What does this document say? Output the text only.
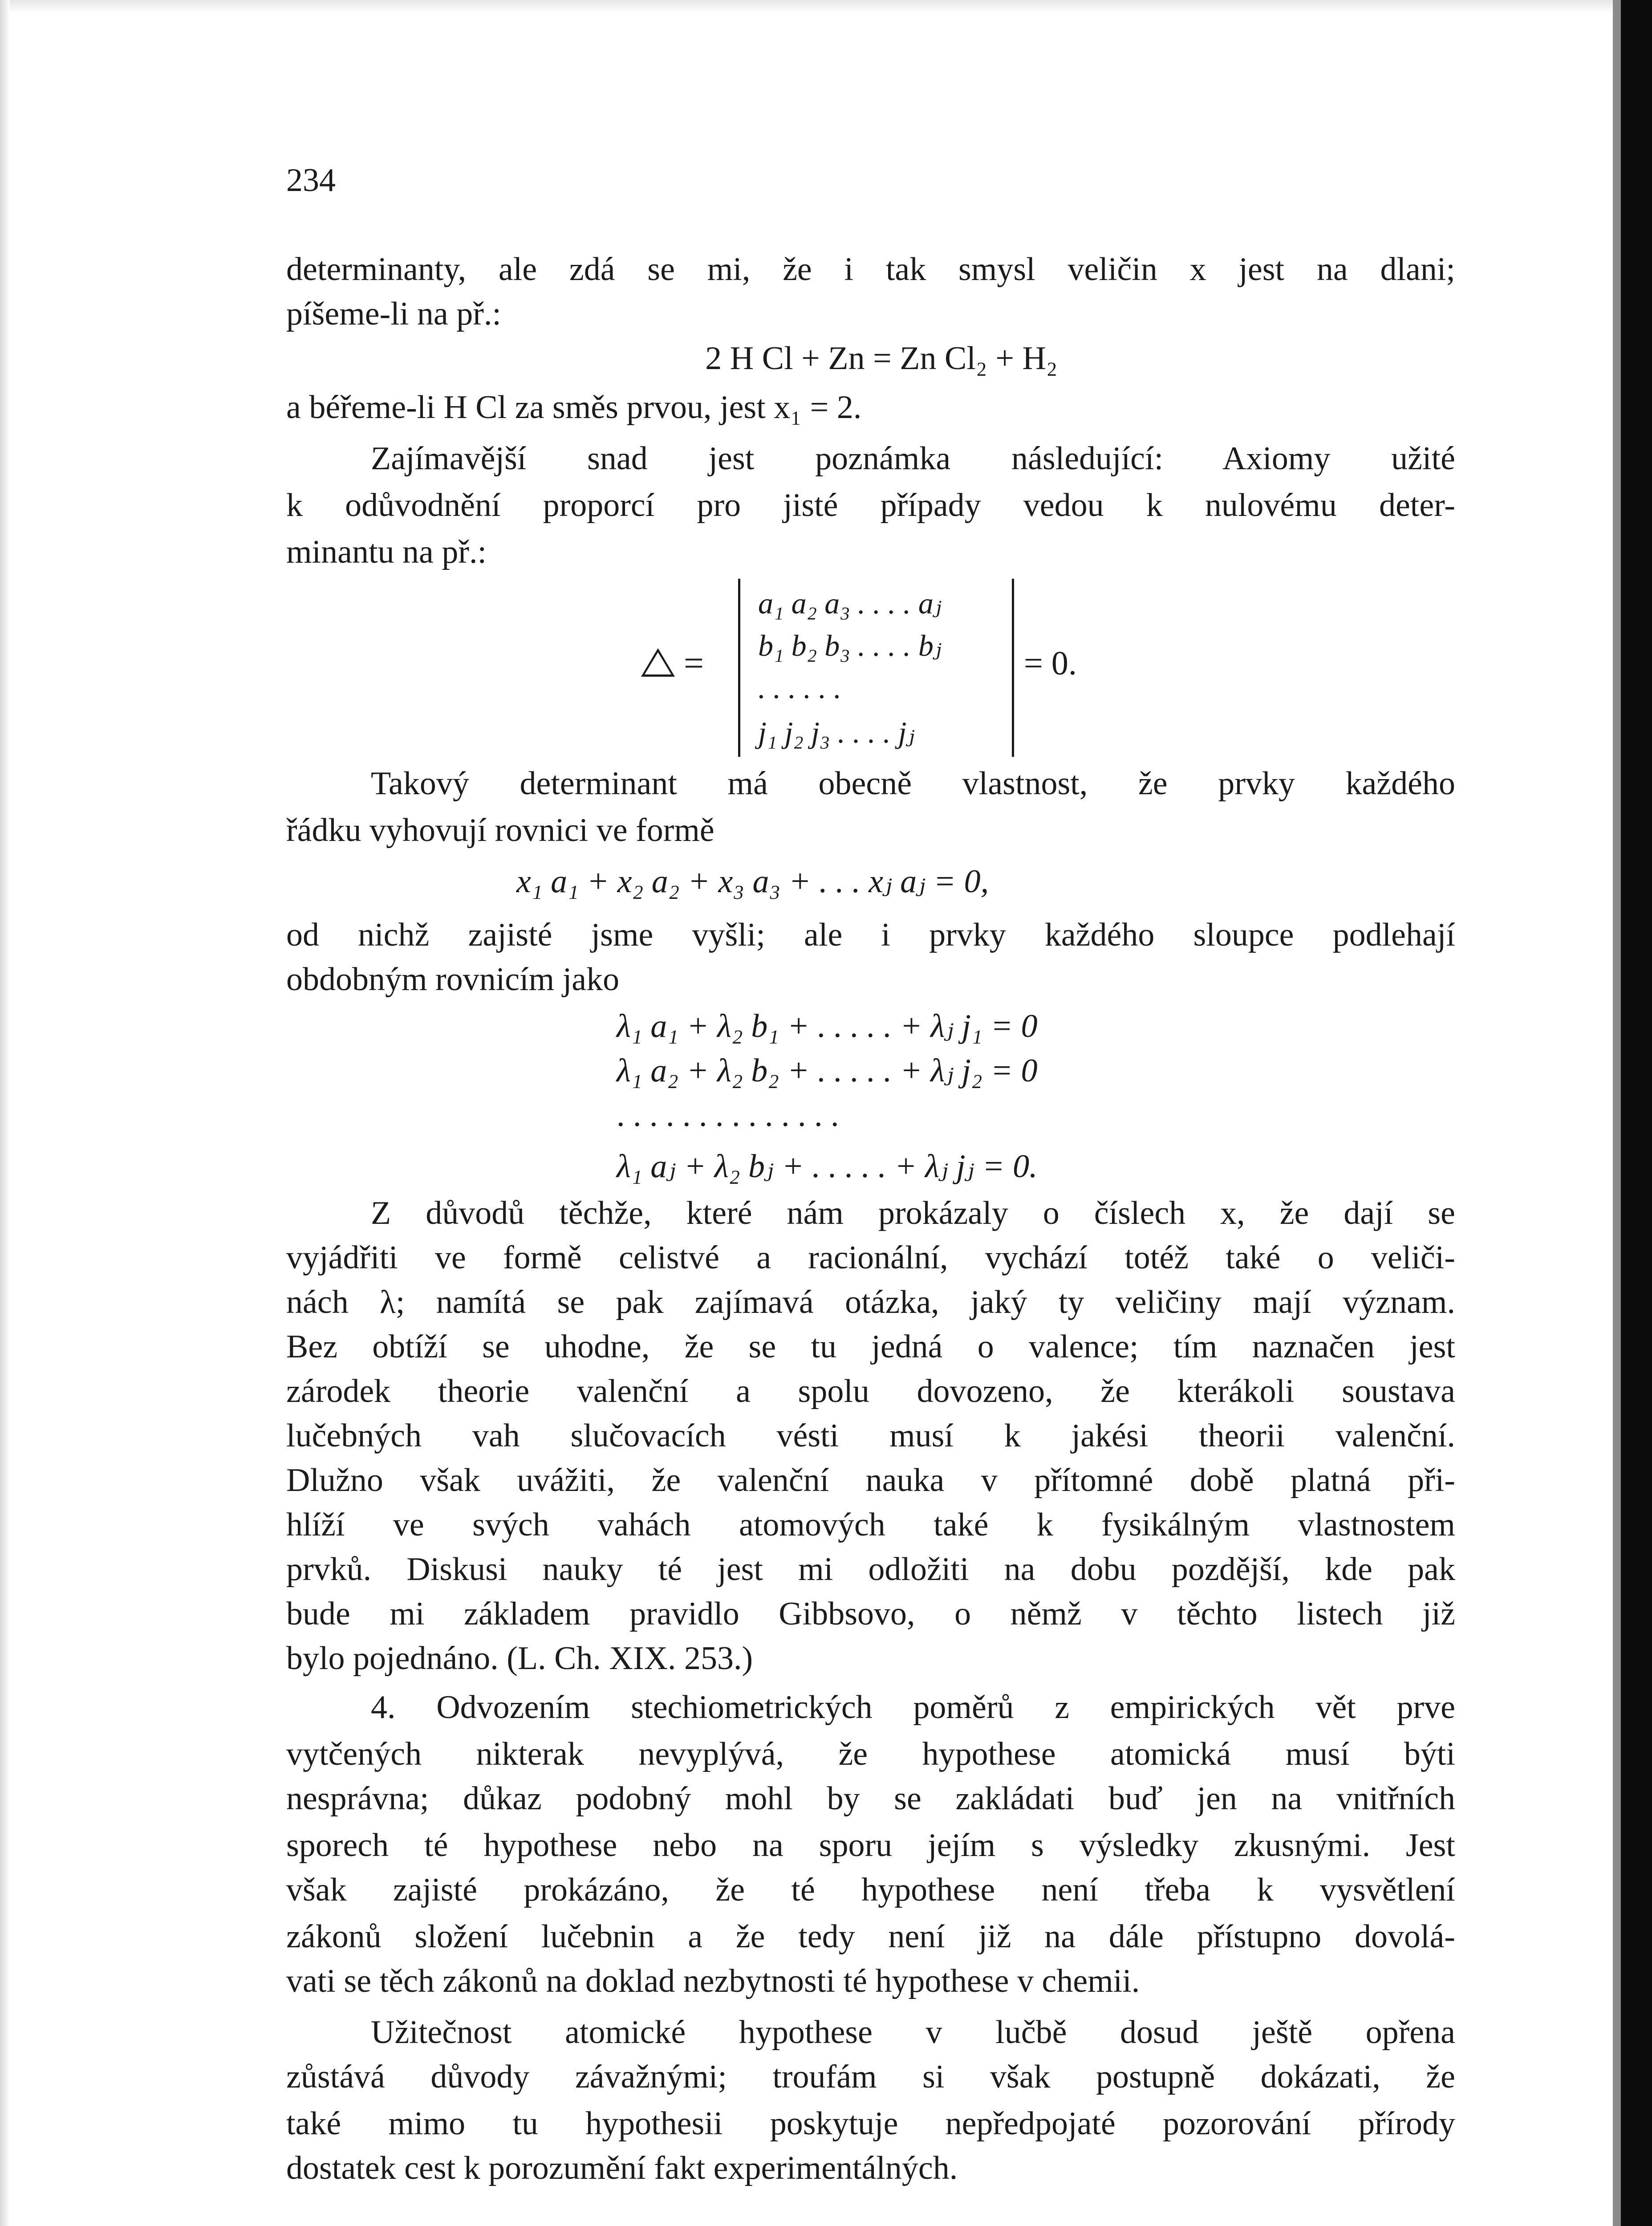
234
determinanty, ale zdá se mi, že i tak smysl veličin x jest na dlani;
píšeme-li na př.:
2 H Cl + Zn = Zn Cl₂ + H₂
a béřeme-li H Cl za směs prvou, jest x₁ = 2.
Zajímavější snad jest poznámka následující: Axiomy užité
k odůvodnění proporcí pro jisté případy vedou k nulovému deter-
minantu na př.:
=
a₁ a₂ a₃ . . . . aⱼ
b₁ b₂ b₃ . . . . bⱼ
. . . . . .
j₁ j₂ j₃ . . . . jⱼ
= 0.
Takový determinant má obecně vlastnost, že prvky každého
řádku vyhovují rovnici ve formě
x₁ a₁ + x₂ a₂ + x₃ a₃ + . . . xⱼ aⱼ = 0,
od nichž zajisté jsme vyšli; ale i prvky každého sloupce podlehají
obdobným rovnicím jako
λ₁ a₁ + λ₂ b₁ + . . . . . + λⱼ j₁ = 0
λ₁ a₂ + λ₂ b₂ + . . . . . + λⱼ j₂ = 0
. . . . . . . . . . . . . .
λ₁ aⱼ + λ₂ bⱼ + . . . . . + λⱼ jⱼ = 0.
Z důvodů těchže, které nám prokázaly o číslech x, že dají se
vyjádřiti ve formě celistvé a racionální, vychází totéž také o veliči-
nách λ; namítá se pak zajímavá otázka, jaký ty veličiny mají význam.
Bez obtíží se uhodne, že se tu jedná o valence; tím naznačen jest
zárodek theorie valenční a spolu dovozeno, že kterákoli soustava
lučebných vah slučovacích vésti musí k jakési theorii valenční.
Dlužno však uvážiti, že valenční nauka v přítomné době platná při-
hlíží ve svých vahách atomových také k fysikálným vlastnostem
prvků. Diskusi nauky té jest mi odložiti na dobu pozdější, kde pak
bude mi základem pravidlo Gibbsovo, o němž v těchto listech již
bylo pojednáno. (L. Ch. XIX. 253.)
4. Odvozením stechiometrických poměrů z empirických vět prve
vytčených nikterak nevyplývá, že hypothese atomická musí býti
nesprávna; důkaz podobný mohl by se zakládati buď jen na vnitřních
sporech té hypothese nebo na sporu jejím s výsledky zkusnými. Jest
však zajisté prokázáno, že té hypothese není třeba k vysvětlení
zákonů složení lučebnin a že tedy není již na dále přístupno dovolá-
vati se těch zákonů na doklad nezbytnosti té hypothese v chemii.
Užitečnost atomické hypothese v lučbě dosud ještě opřena
zůstává důvody závažnými; troufám si však postupně dokázati, že
také mimo tu hypothesii poskytuje nepředpojaté pozorování přírody
dostatek cest k porozumění fakt experimentálných.
